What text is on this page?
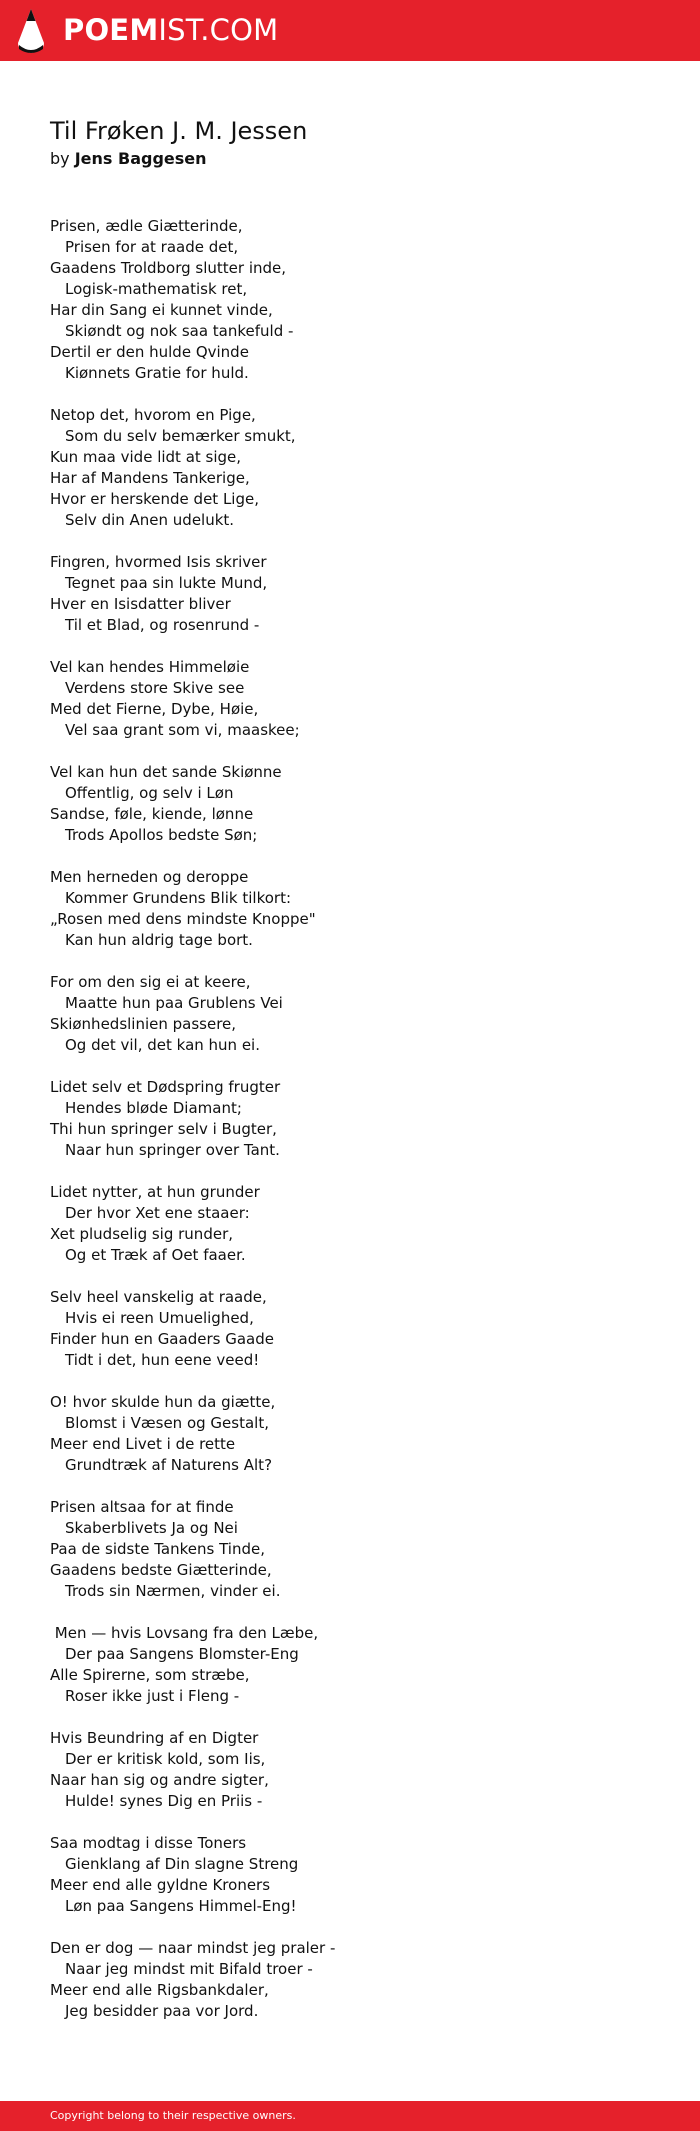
POEMIST.COM
Til Frøken J. M. Jessen

by Jens Baggesen

Prisen, ædle Giætterinde,
Prisen for at raade det,
Gaadens Troldborg slutter inde,
Logisk-mathematisk ret,
Har din Sang ei kunnet vinde,
Skiøndt og nok saa tankefuld -
Dertil er den hulde Qvinde
Kiønnets Gratie for huld.
Netop det, hvorom en Pige,
Som du selv bemærker smukt,
Kun maa vide lidt at sige,
Har af Mandens Tankerige,
Hvor er herskende det Lige,
Selv din Anen udelukt.
Fingren, hvormed Isis skriver
Tegnet paa sin lukte Mund,
Hver en Isisdatter bliver
Til et Blad, og rosenrund -
Vel kan hendes Himmeløie
Verdens store Skive see
Med det Fierne, Dybe, Høie,
Vel saa grant som vi, maaskee;
Vel kan hun det sande Skiønne
Offentlig, og selv i Løn
Sandse, føle, kiende, lønne
Trods Apollos bedste Søn;
Men herneden og deroppe
Kommer Grundens Blik tilkort:
„Rosen med dens mindste Knoppe"
Kan hun aldrig tage bort.
For om den sig ei at keere,
Maatte hun paa Grublens Vei
Skiønhedslinien passere,
Og det vil, det kan hun ei.
Lidet selv et Dødspring frugter
Hendes bløde Diamant;
Thi hun springer selv i Bugter,
Naar hun springer over Tant.
Lidet nytter, at hun grunder
Der hvor Xet ene staaer:
Xet pludselig sig runder,
Og et Træk af Oet faaer.
Selv heel vanskelig at raade,
Hvis ei reen Umuelighed,
Finder hun en Gaaders Gaade
Tidt i det, hun eene veed!
O! hvor skulde hun da giætte,
Blomst i Væsen og Gestalt,
Meer end Livet i de rette
Grundtræk af Naturens Alt?
Prisen altsaa for at finde
Skaberblivets Ja og Nei
Paa de sidste Tankens Tinde,
Gaadens bedste Giætterinde,
Trods sin Nærmen, vinder ei.
Men — hvis Lovsang fra den Læbe,
Der paa Sangens Blomster-Eng
Alle Spirerne, som stræbe,
Roser ikke just i Fleng -
Hvis Beundring af en Digter
Der er kritisk kold, som Iis,
Naar han sig og andre sigter,
Hulde! synes Dig en Priis -
Saa modtag i disse Toners
Gienklang af Din slagne Streng
Meer end alle gyldne Kroners
Løn paa Sangens Himmel-Eng!
Den er dog — naar mindst jeg praler -
Naar jeg mindst mit Bifald troer -
Meer end alle Rigsbankdaler,
Jeg besidder paa vor Jord.
Copyright belong to their respective owners.
